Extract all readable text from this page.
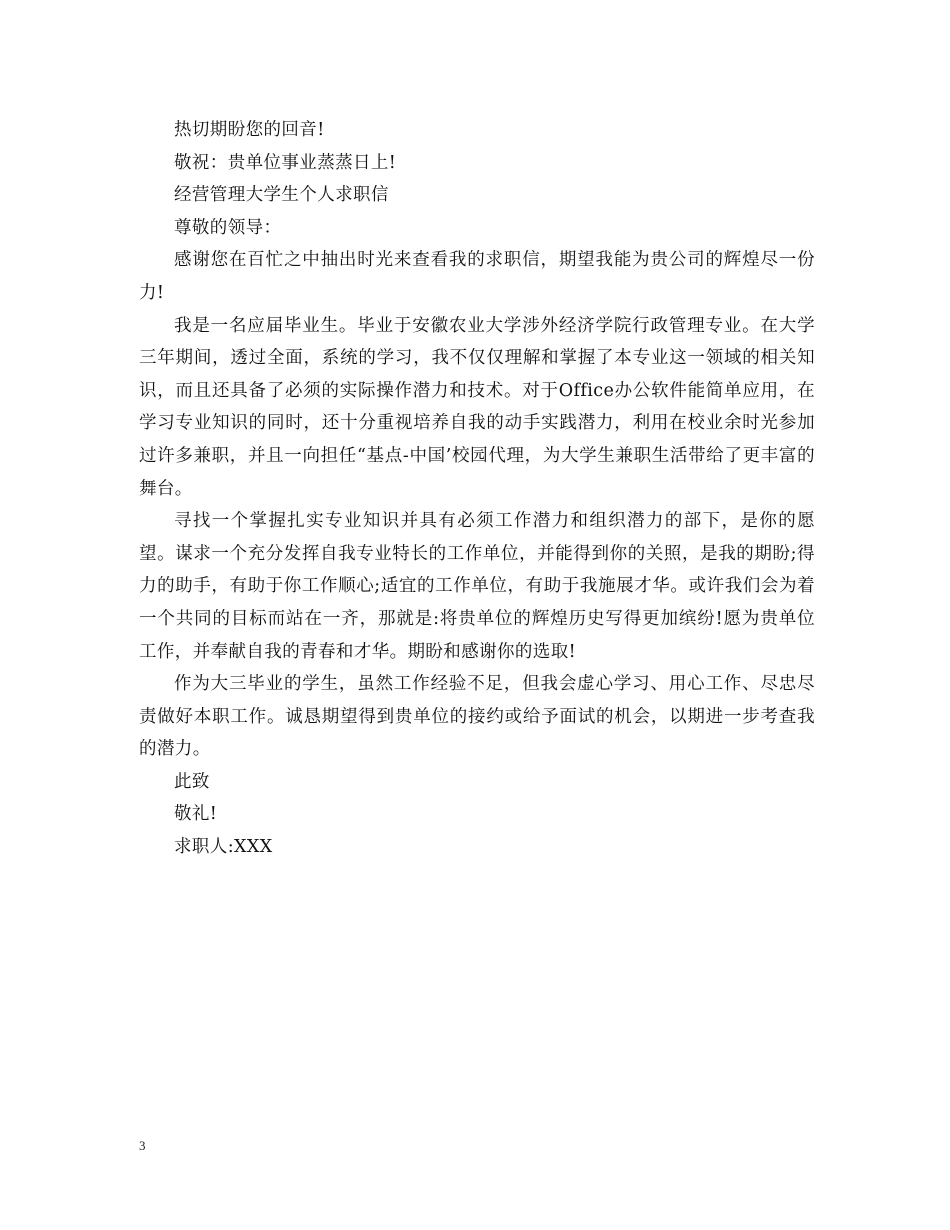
热切期盼您的回音!

敬祝：贵单位事业蒸蒸日上!

经营管理大学生个人求职信

尊敬的领导：

感谢您在百忙之中抽出时光来查看我的求职信，期望我能为贵公司的辉煌尽一份力!

我是一名应届毕业生。毕业于安徽农业大学涉外经济学院行政管理专业。在大学三年期间，透过全面，系统的学习，我不仅仅理解和掌握了本专业这一领域的相关知识，而且还具备了必须的实际操作潜力和技术。对于Office办公软件能简单应用，在学习专业知识的同时，还十分重视培养自我的动手实践潜力，利用在校业余时光参加过许多兼职，并且一向担任“基点-中国’校园代理，为大学生兼职生活带给了更丰富的舞台。

寻找一个掌握扎实专业知识并具有必须工作潜力和组织潜力的部下，是你的愿望。谋求一个充分发挥自我专业特长的工作单位，并能得到你的关照，是我的期盼;得力的助手，有助于你工作顺心;适宜的工作单位，有助于我施展才华。或许我们会为着一个共同的目标而站在一齐，那就是:将贵单位的辉煌历史写得更加缤纷!愿为贵单位工作，并奉献自我的青春和才华。期盼和感谢你的选取!

作为大三毕业的学生，虽然工作经验不足，但我会虚心学习、用心工作、尽忠尽责做好本职工作。诚恳期望得到贵单位的接约或给予面试的机会，以期进一步考查我的潜力。

此致

敬礼!

求职人:XXX

3
